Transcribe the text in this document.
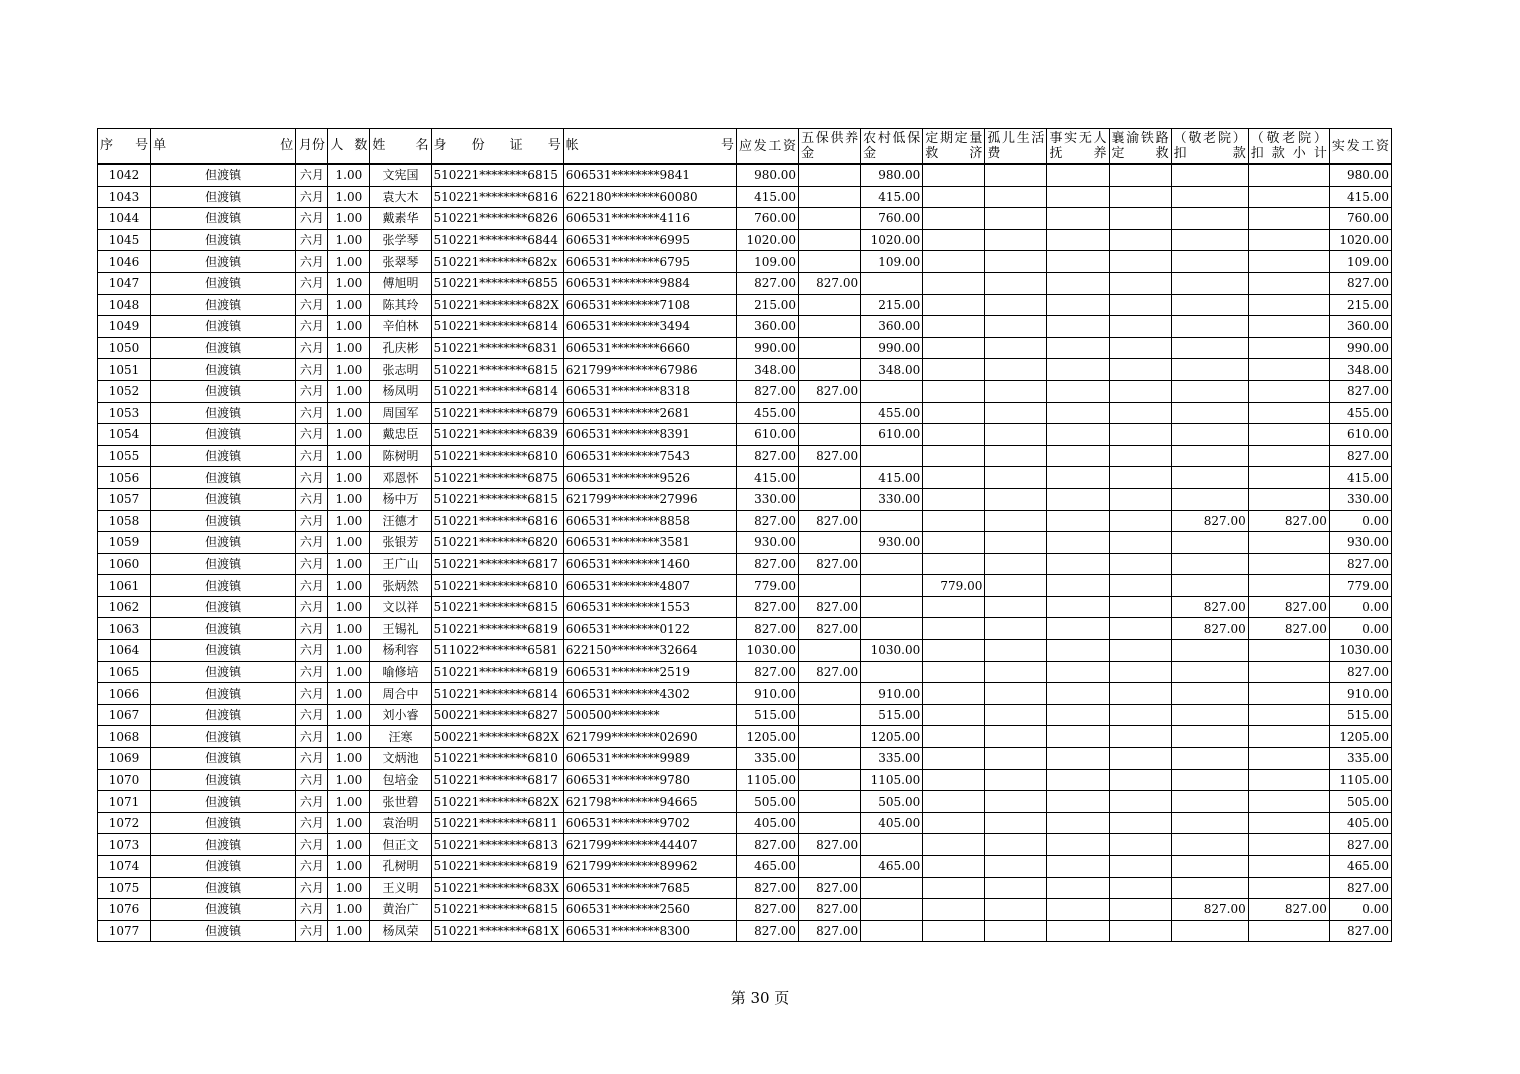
序 号	单 位	月份	人 数	姓 名	身 份 证 号	帐 号	应发工资	五保供养金	农村低保金	定期定量救济	孤儿生活费	事实无人抚养	襄渝铁路定救	（敬老院）扣款	（敬老院）扣款小计	实发工资

1042	但渡镇	六月	1.00	文宪国	510221********6815	606531********9841	980.00		980.00							980.00
1043	但渡镇	六月	1.00	袁大木	510221********6816	622180********60080	415.00		415.00							415.00
1044	但渡镇	六月	1.00	戴素华	510221********6826	606531********4116	760.00		760.00							760.00
1045	但渡镇	六月	1.00	张学琴	510221********6844	606531********6995	1020.00		1020.00							1020.00
1046	但渡镇	六月	1.00	张翠琴	510221********682x	606531********6795	109.00		109.00							109.00
1047	但渡镇	六月	1.00	傅旭明	510221********6855	606531********9884	827.00	827.00								827.00
1048	但渡镇	六月	1.00	陈其玲	510221********682X	606531********7108	215.00		215.00							215.00
1049	但渡镇	六月	1.00	辛伯林	510221********6814	606531********3494	360.00		360.00							360.00
1050	但渡镇	六月	1.00	孔庆彬	510221********6831	606531********6660	990.00		990.00							990.00
1051	但渡镇	六月	1.00	张志明	510221********6815	621799********67986	348.00		348.00							348.00
1052	但渡镇	六月	1.00	杨凤明	510221********6814	606531********8318	827.00	827.00								827.00
1053	但渡镇	六月	1.00	周国军	510221********6879	606531********2681	455.00		455.00							455.00
1054	但渡镇	六月	1.00	戴忠臣	510221********6839	606531********8391	610.00		610.00							610.00
1055	但渡镇	六月	1.00	陈树明	510221********6810	606531********7543	827.00	827.00								827.00
1056	但渡镇	六月	1.00	邓恩怀	510221********6875	606531********9526	415.00		415.00							415.00
1057	但渡镇	六月	1.00	杨中万	510221********6815	621799********27996	330.00		330.00							330.00
1058	但渡镇	六月	1.00	汪德才	510221********6816	606531********8858	827.00	827.00						827.00	827.00	0.00
1059	但渡镇	六月	1.00	张银芳	510221********6820	606531********3581	930.00		930.00							930.00
1060	但渡镇	六月	1.00	王广山	510221********6817	606531********1460	827.00	827.00								827.00
1061	但渡镇	六月	1.00	张炳然	510221********6810	606531********4807	779.00			779.00						779.00
1062	但渡镇	六月	1.00	文以祥	510221********6815	606531********1553	827.00	827.00						827.00	827.00	0.00
1063	但渡镇	六月	1.00	王锡礼	510221********6819	606531********0122	827.00	827.00						827.00	827.00	0.00
1064	但渡镇	六月	1.00	杨利容	511022********6581	622150********32664	1030.00		1030.00							1030.00
1065	但渡镇	六月	1.00	喻修培	510221********6819	606531********2519	827.00	827.00								827.00
1066	但渡镇	六月	1.00	周合中	510221********6814	606531********4302	910.00		910.00							910.00
1067	但渡镇	六月	1.00	刘小睿	500221********6827	500500********	515.00		515.00							515.00
1068	但渡镇	六月	1.00	汪寒	500221********682X	621799********02690	1205.00		1205.00							1205.00
1069	但渡镇	六月	1.00	文炳池	510221********6810	606531********9989	335.00		335.00							335.00
1070	但渡镇	六月	1.00	包培金	510221********6817	606531********9780	1105.00		1105.00							1105.00
1071	但渡镇	六月	1.00	张世碧	510221********682X	621798********94665	505.00		505.00							505.00
1072	但渡镇	六月	1.00	袁治明	510221********6811	606531********9702	405.00		405.00							405.00
1073	但渡镇	六月	1.00	但正文	510221********6813	621799********44407	827.00	827.00								827.00
1074	但渡镇	六月	1.00	孔树明	510221********6819	621799********89962	465.00		465.00							465.00
1075	但渡镇	六月	1.00	王义明	510221********683X	606531********7685	827.00	827.00								827.00
1076	但渡镇	六月	1.00	黄治广	510221********6815	606531********2560	827.00	827.00						827.00	827.00	0.00
1077	但渡镇	六月	1.00	杨凤荣	510221********681X	606531********8300	827.00	827.00								827.00
第 30 页
